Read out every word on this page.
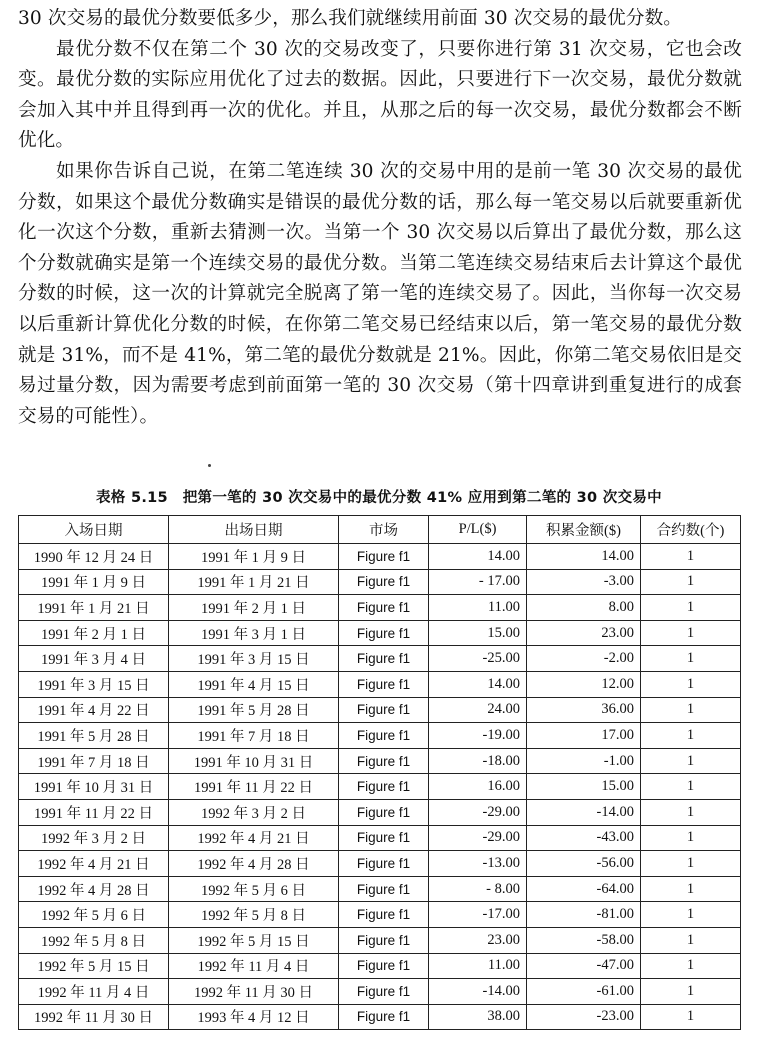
30 次交易的最优分数要低多少，那么我们就继续用前面 30 次交易的最优分数。

最优分数不仅在第二个 30 次的交易改变了，只要你进行第 31 次交易，它也会改变。最优分数的实际应用优化了过去的数据。因此，只要进行下一次交易，最优分数就会加入其中并且得到再一次的优化。并且，从那之后的每一次交易，最优分数都会不断优化。

如果你告诉自己说，在第二笔连续 30 次的交易中用的是前一笔 30 次交易的最优分数，如果这个最优分数确实是错误的最优分数的话，那么每一笔交易以后就要重新优化一次这个分数，重新去猜测一次。当第一个 30 次交易以后算出了最优分数，那么这个分数就确实是第一个连续交易的最优分数。当第二笔连续交易结束后去计算这个最优分数的时候，这一次的计算就完全脱离了第一笔的连续交易了。因此，当你每一次交易以后重新计算优化分数的时候，在你第二笔交易已经结束以后，第一笔交易的最优分数就是 31%，而不是 41%，第二笔的最优分数就是 21%。因此，你第二笔交易依旧是交易过量分数，因为需要考虑到前面第一笔的 30 次交易（第十四章讲到重复进行的成套交易的可能性）。

表格 5.15　把第一笔的 30 次交易中的最优分数 41% 应用到第二笔的 30 次交易中
入场日期	出场日期	市场	P/L($)	积累金额($)	合约数(个)
1990 年 12 月 24 日	1991 年 1 月 9 日	Figure f1	14.00	14.00	1
1991 年 1 月 9 日	1991 年 1 月 21 日	Figure f1	- 17.00	-3.00	1
1991 年 1 月 21 日	1991 年 2 月 1 日	Figure f1	11.00	8.00	1
1991 年 2 月 1 日	1991 年 3 月 1 日	Figure f1	15.00	23.00	1
1991 年 3 月 4 日	1991 年 3 月 15 日	Figure f1	-25.00	-2.00	1
1991 年 3 月 15 日	1991 年 4 月 15 日	Figure f1	14.00	12.00	1
1991 年 4 月 22 日	1991 年 5 月 28 日	Figure f1	24.00	36.00	1
1991 年 5 月 28 日	1991 年 7 月 18 日	Figure f1	-19.00	17.00	1
1991 年 7 月 18 日	1991 年 10 月 31 日	Figure f1	-18.00	-1.00	1
1991 年 10 月 31 日	1991 年 11 月 22 日	Figure f1	16.00	15.00	1
1991 年 11 月 22 日	1992 年 3 月 2 日	Figure f1	-29.00	-14.00	1
1992 年 3 月 2 日	1992 年 4 月 21 日	Figure f1	-29.00	-43.00	1
1992 年 4 月 21 日	1992 年 4 月 28 日	Figure f1	-13.00	-56.00	1
1992 年 4 月 28 日	1992 年 5 月 6 日	Figure f1	- 8.00	-64.00	1
1992 年 5 月 6 日	1992 年 5 月 8 日	Figure f1	-17.00	-81.00	1
1992 年 5 月 8 日	1992 年 5 月 15 日	Figure f1	23.00	-58.00	1
1992 年 5 月 15 日	1992 年 11 月 4 日	Figure f1	11.00	-47.00	1
1992 年 11 月 4 日	1992 年 11 月 30 日	Figure f1	-14.00	-61.00	1
1992 年 11 月 30 日	1993 年 4 月 12 日	Figure f1	38.00	-23.00	1
